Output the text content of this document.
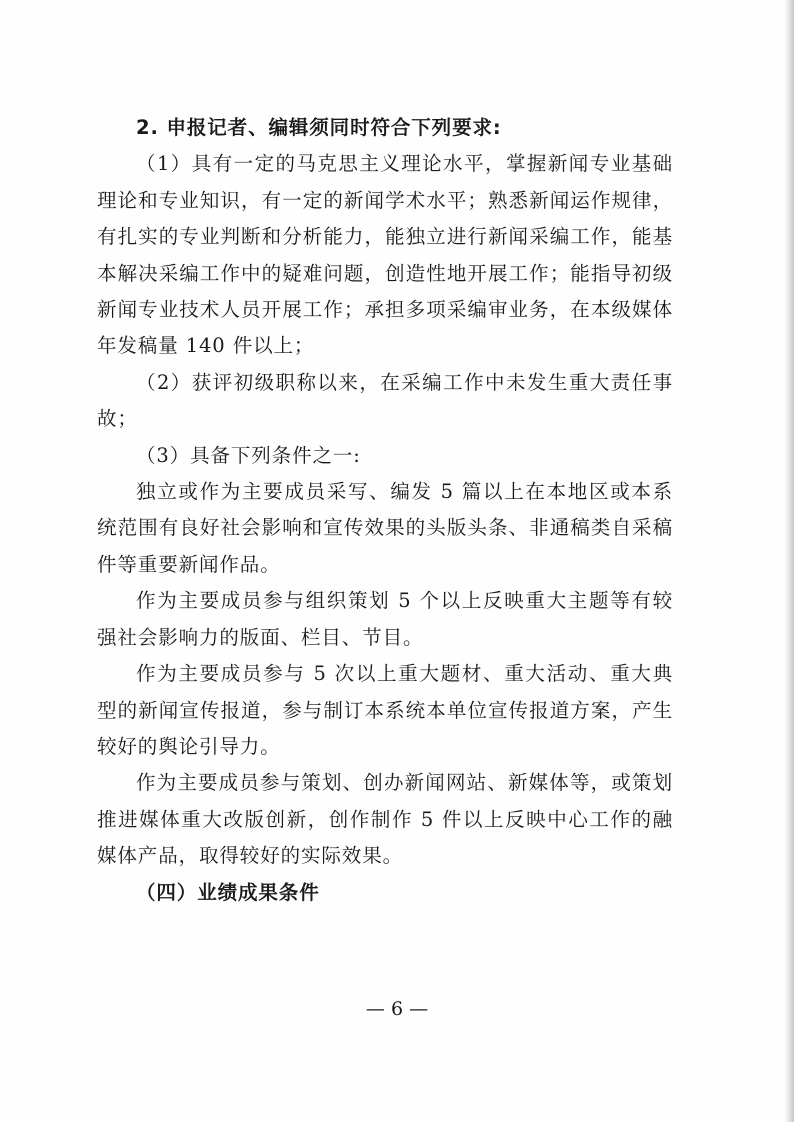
2. 申报记者、编辑须同时符合下列要求:

（1）具有一定的马克思主义理论水平，掌握新闻专业基础理论和专业知识，有一定的新闻学术水平；熟悉新闻运作规律，有扎实的专业判断和分析能力，能独立进行新闻采编工作，能基本解决采编工作中的疑难问题，创造性地开展工作；能指导初级新闻专业技术人员开展工作；承担多项采编审业务，在本级媒体年发稿量 140 件以上；

（2）获评初级职称以来，在采编工作中未发生重大责任事故；

（3）具备下列条件之一:

独立或作为主要成员采写、编发 5 篇以上在本地区或本系统范围有良好社会影响和宣传效果的头版头条、非通稿类自采稿件等重要新闻作品。

作为主要成员参与组织策划 5 个以上反映重大主题等有较强社会影响力的版面、栏目、节目。

作为主要成员参与 5 次以上重大题材、重大活动、重大典型的新闻宣传报道，参与制订本系统本单位宣传报道方案，产生较好的舆论引导力。

作为主要成员参与策划、创办新闻网站、新媒体等，或策划推进媒体重大改版创新，创作制作 5 件以上反映中心工作的融媒体产品，取得较好的实际效果。

（四）业绩成果条件

— 6 —
